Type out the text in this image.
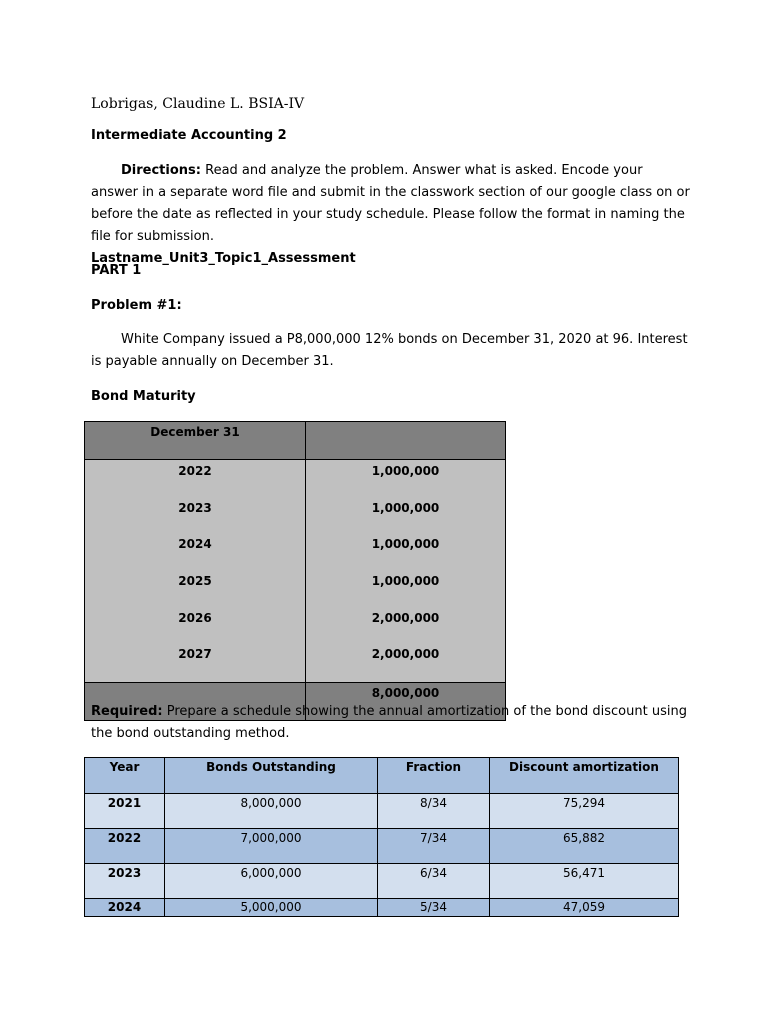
Lobrigas, Claudine L. BSIA-IV
Intermediate Accounting 2
Directions: Read and analyze the problem. Answer what is asked. Encode your answer in a separate word file and submit in the classwork section of our google class on or before the date as reflected in your study schedule. Please follow the format in naming the file for submission.
Lastname_Unit3_Topic1_Assessment
PART 1
Problem #1:
White Company issued a P8,000,000 12% bonds on December 31, 2020 at 96. Interest is payable annually on December 31.
Bond Maturity
December 31	
2022	1,000,000
2023	1,000,000
2024	1,000,000
2025	1,000,000
2026	2,000,000
2027	2,000,000
	8,000,000
Required: Prepare a schedule showing the annual amortization of the bond discount using the bond outstanding method.
Year	Bonds Outstanding	Fraction	Discount amortization
2021	8,000,000	8/34	75,294
2022	7,000,000	7/34	65,882
2023	6,000,000	6/34	56,471
2024	5,000,000	5/34	47,059
